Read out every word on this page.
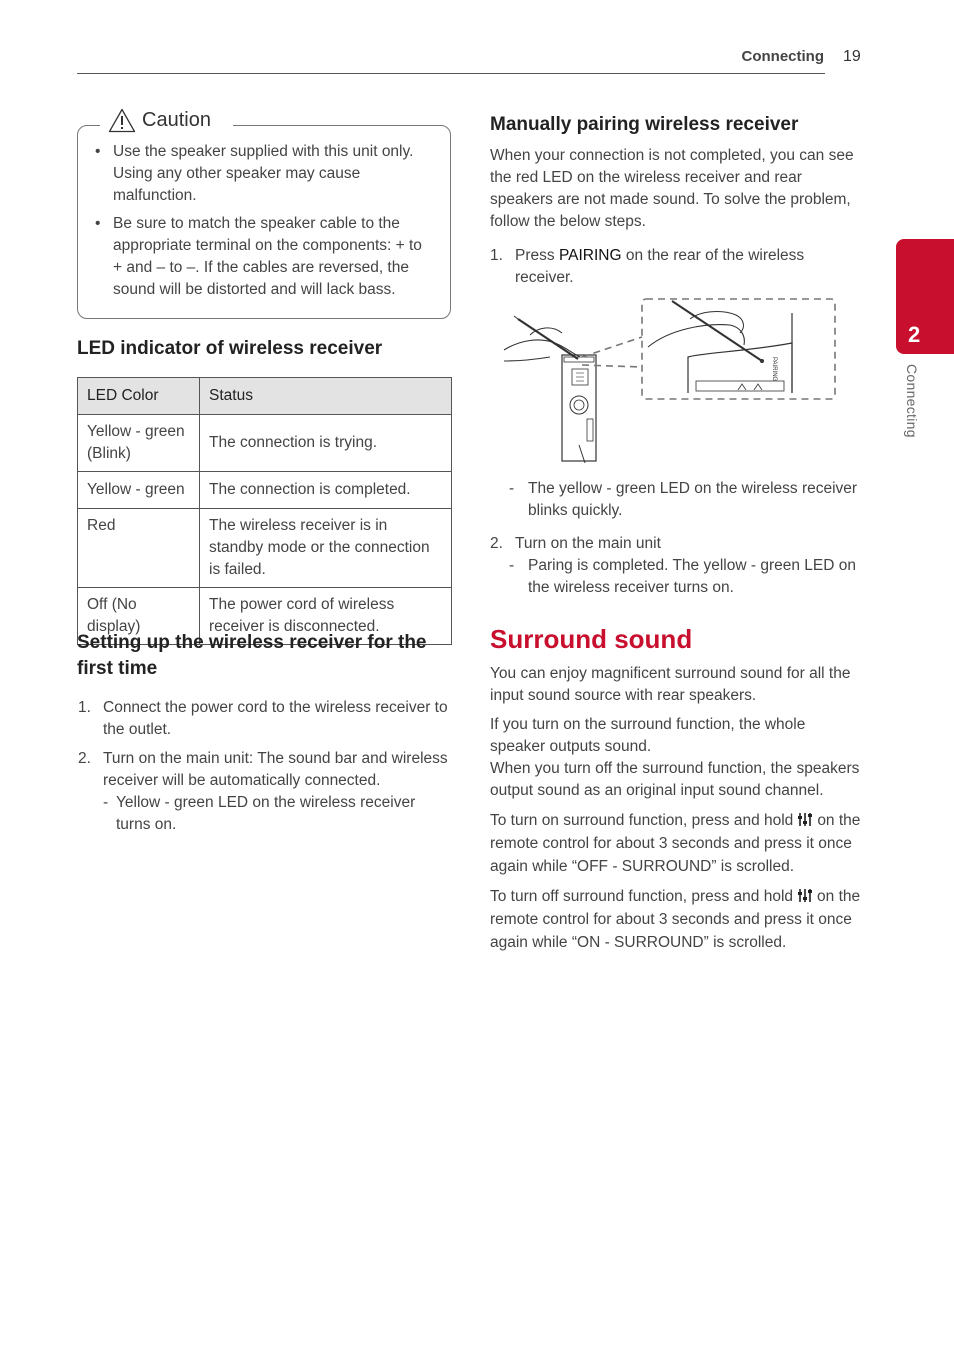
Connecting 19
2
Connecting
Caution
• Use the speaker supplied with this unit only. Using any other speaker may cause malfunction.
• Be sure to match the speaker cable to the appropriate terminal on the components: + to + and – to –. If the cables are reversed, the sound will be distorted and will lack bass.
LED indicator of wireless receiver
LED Color	Status
Yellow - green (Blink)	The connection is trying.
Yellow - green	The connection is completed.
Red	The wireless receiver is in standby mode or the connection is failed.
Off (No display)	The power cord of wireless receiver is disconnected.
Setting up the wireless receiver for the first time
1. Connect the power cord to the wireless receiver to the outlet.
2. Turn on the main unit: The sound bar and wireless receiver will be automatically connected.
- Yellow - green LED on the wireless receiver turns on.
Manually pairing wireless receiver
When your connection is not completed, you can see the red LED on the wireless receiver and rear speakers are not made sound. To solve the problem, follow the below steps.
1. Press PAIRING on the rear of the wireless receiver.
PAIRING
- The yellow - green LED on the wireless receiver blinks quickly.
2. Turn on the main unit
- Paring is completed. The yellow - green LED on the wireless receiver turns on.
Surround sound

You can enjoy magnificent surround sound for all the input sound source with rear speakers.

If you turn on the surround function, the whole speaker outputs sound.

When you turn off the surround function, the speakers output sound as an original input sound channel.

To turn on surround function, press and hold on the remote control for about 3 seconds and press it once again while “OFF - SURROUND” is scrolled.

To turn off surround function, press and hold on the remote control for about 3 seconds and press it once again while “ON - SURROUND” is scrolled.
